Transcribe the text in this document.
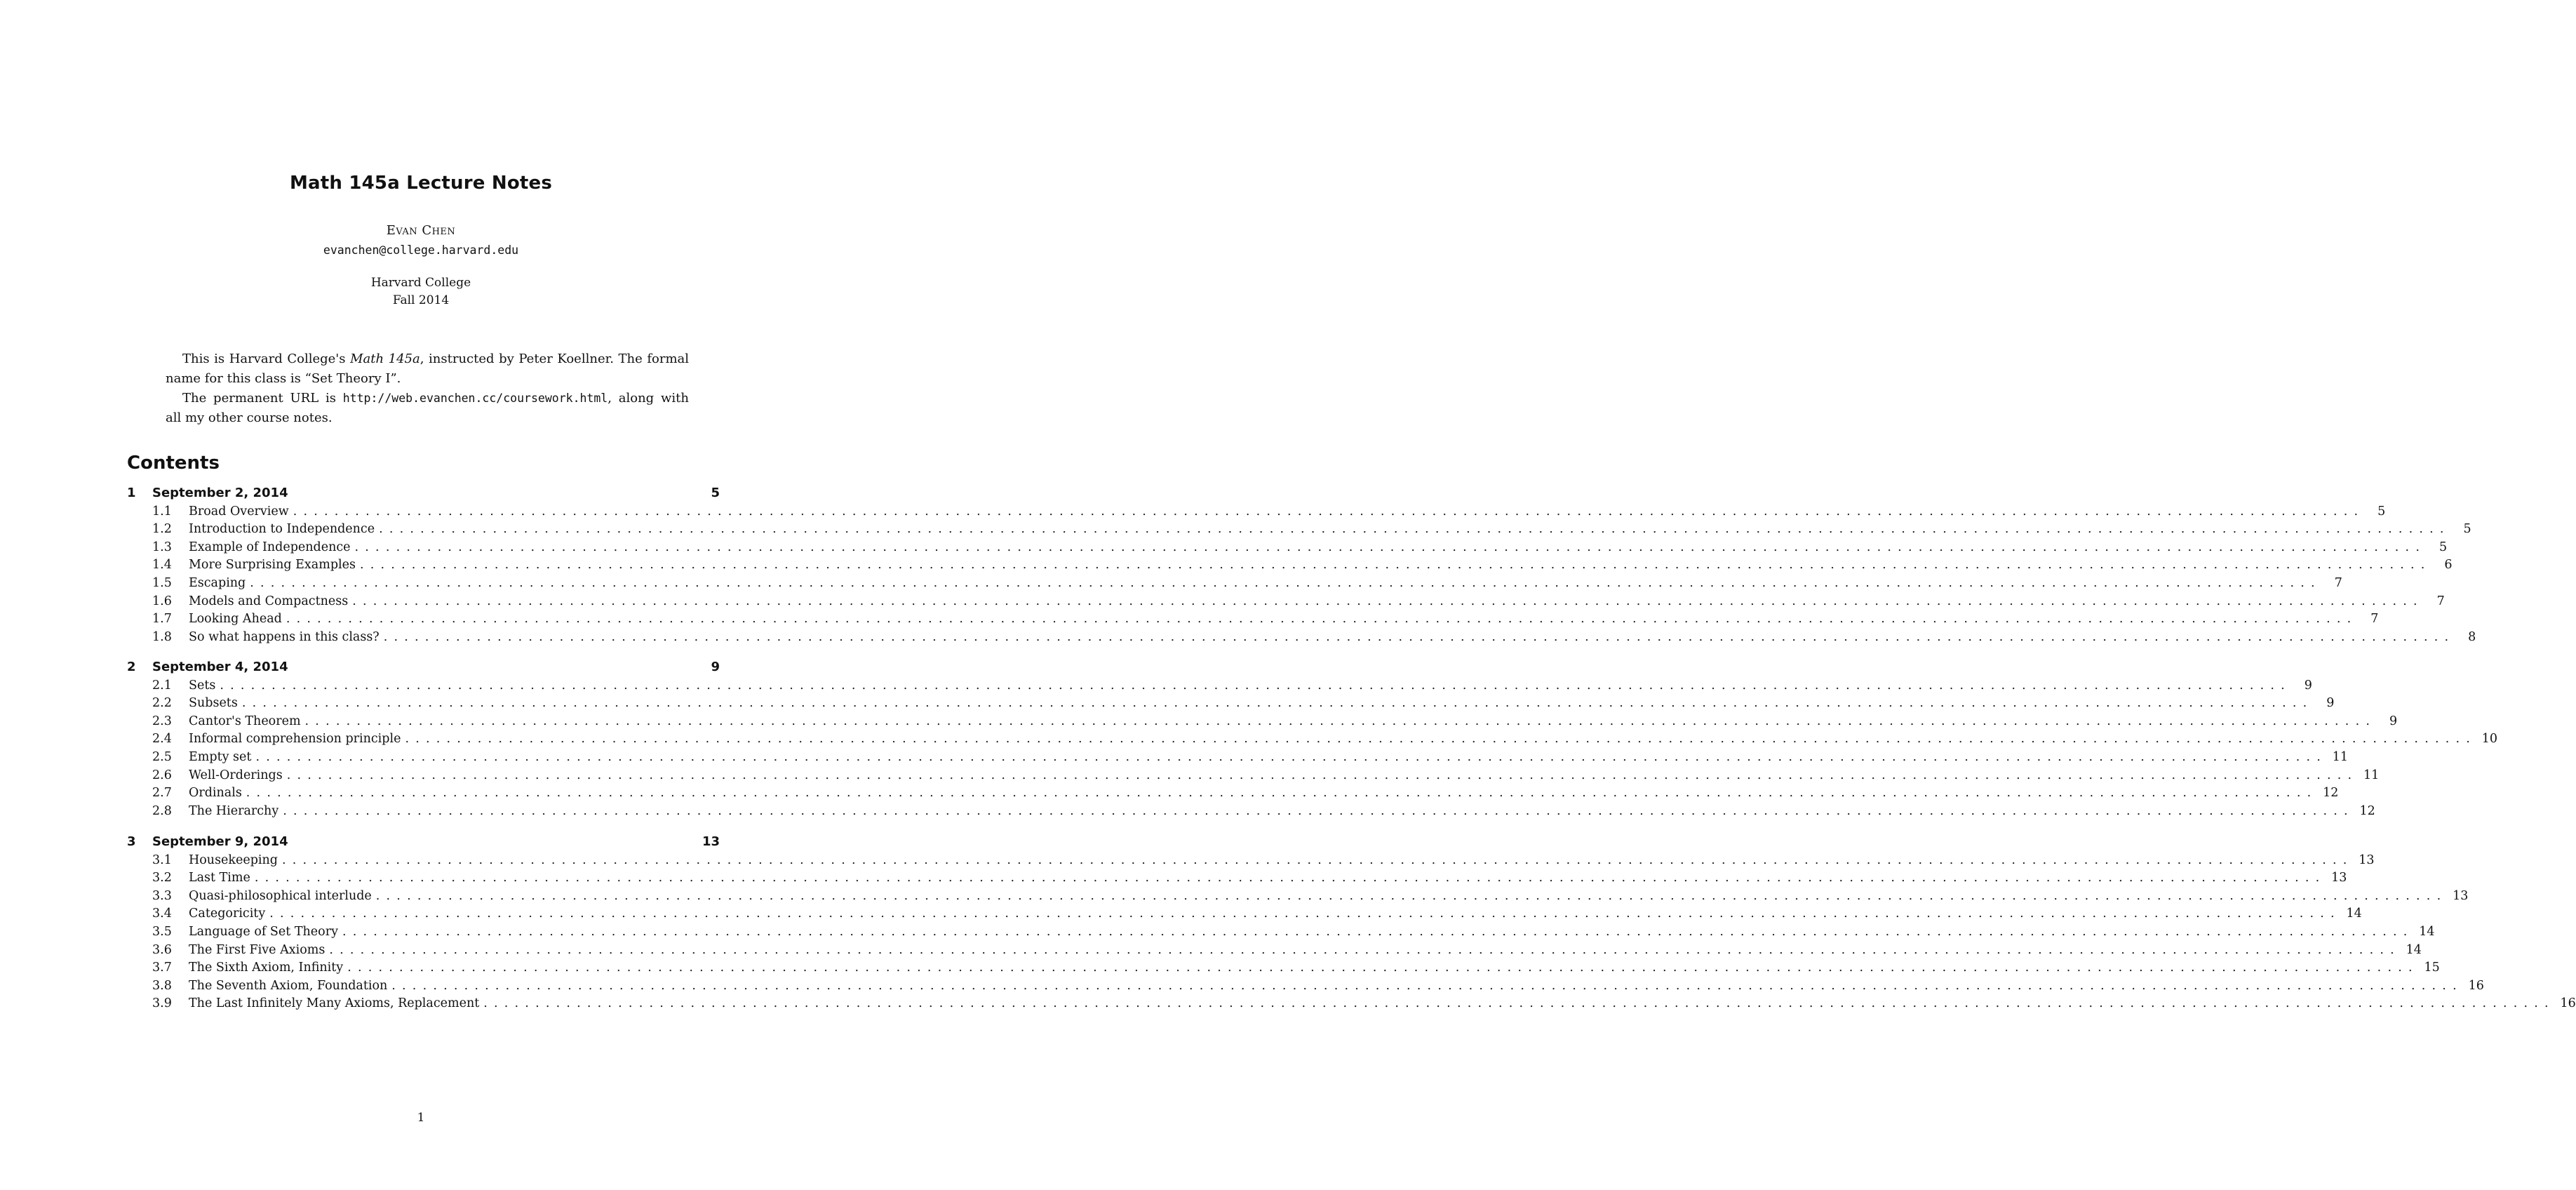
Math 145a Lecture Notes
Evan Chen
evanchen@college.harvard.edu
Harvard College
Fall 2014

This is Harvard College's Math 145a, instructed by Peter Koellner. The formal name for this class is “Set Theory I”.

The permanent URL is http://web.evanchen.cc/coursework.html, along with all my other course notes.

Contents
1	September 2, 2014	5
1.1	Broad Overview ........................................................................................................................................................................................................	5
1.2	Introduction to Independence ........................................................................................................................................................................................................	5
1.3	Example of Independence ........................................................................................................................................................................................................	5
1.4	More Surprising Examples ........................................................................................................................................................................................................	6
1.5	Escaping ........................................................................................................................................................................................................	7
1.6	Models and Compactness ........................................................................................................................................................................................................	7
1.7	Looking Ahead ........................................................................................................................................................................................................	7
1.8	So what happens in this class? ........................................................................................................................................................................................................	8
2	September 4, 2014	9
2.1	Sets ........................................................................................................................................................................................................	9
2.2	Subsets ........................................................................................................................................................................................................	9
2.3	Cantor's Theorem ........................................................................................................................................................................................................	9
2.4	Informal comprehension principle ........................................................................................................................................................................................................ 10
2.5	Empty set ........................................................................................................................................................................................................ 11
2.6	Well-Orderings ........................................................................................................................................................................................................ 11
2.7	Ordinals ........................................................................................................................................................................................................ 12
2.8	The Hierarchy ........................................................................................................................................................................................................ 12
3	September 9, 2014	13
3.1	Housekeeping ........................................................................................................................................................................................................ 13
3.2	Last Time ........................................................................................................................................................................................................ 13
3.3	Quasi-philosophical interlude ........................................................................................................................................................................................................ 13
3.4	Categoricity ........................................................................................................................................................................................................ 14
3.5	Language of Set Theory ........................................................................................................................................................................................................ 14
3.6	The First Five Axioms ........................................................................................................................................................................................................ 14
3.7	The Sixth Axiom, Infinity ........................................................................................................................................................................................................ 15
3.8	The Seventh Axiom, Foundation ........................................................................................................................................................................................................ 16
3.9	The Last Infinitely Many Axioms, Replacement ........................................................................................................................................................................................................ 16
1
